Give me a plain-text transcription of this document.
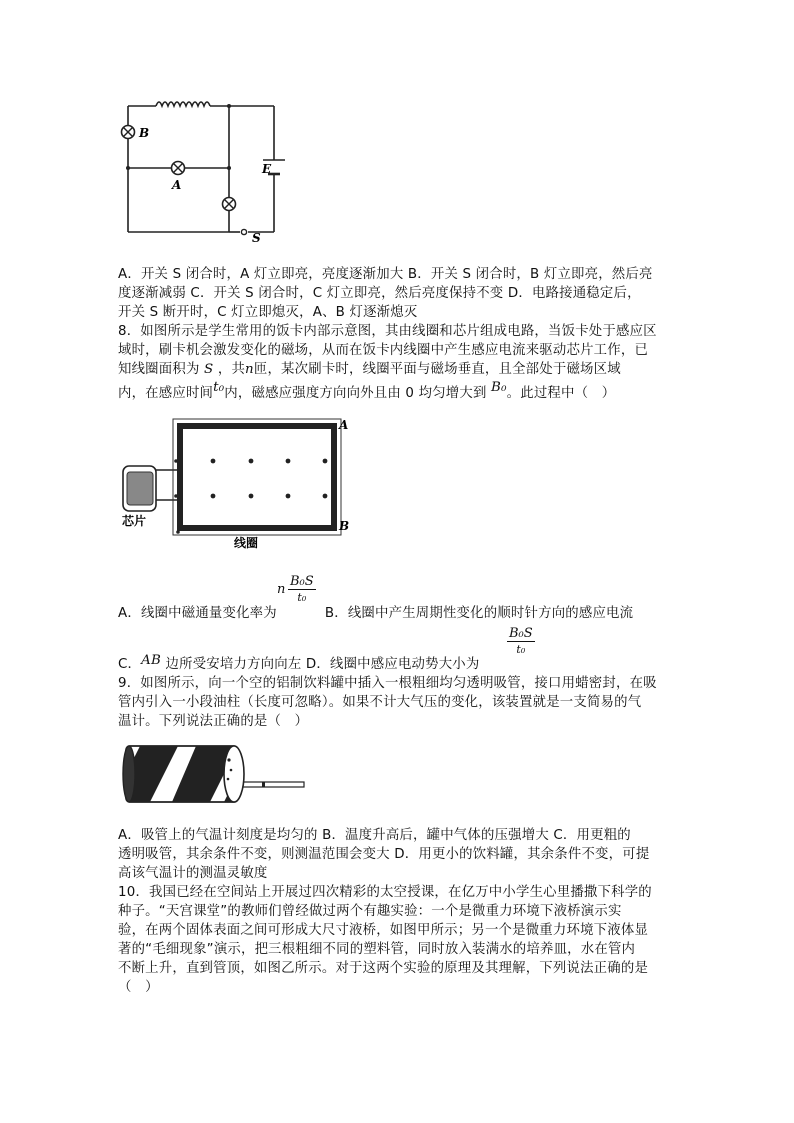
B
A
E
S
A．开关 S 闭合时，A 灯立即亮，亮度逐渐加大 B．开关 S 闭合时，B 灯立即亮，然后亮
度逐渐减弱 C．开关 S 闭合时，C 灯立即亮，然后亮度保持不变 D．电路接通稳定后，
开关 S 断开时，C 灯立即熄灭，A、B 灯逐渐熄灭
8．如图所示是学生常用的饭卡内部示意图，其由线圈和芯片组成电路，当饭卡处于感应区
域时，刷卡机会激发变化的磁场，从而在饭卡内线圈中产生感应电流来驱动芯片工作，已
知线圈面积为 S ，共n匝，某次刷卡时，线圈平面与磁场垂直，且全部处于磁场区域
内，在感应时间t₀内，磁感应强度方向向外且由 0 均匀增大到 B₀。此过程中（　）
A
B
芯片
线圈
n
B₀S
t₀
A．线圈中磁通量变化率为	B．线圈中产生周期性变化的顺时针方向的感应电流
B₀S
t₀
C．AB 边所受安培力方向向左 D．线圈中感应电动势大小为
9．如图所示，向一个空的铝制饮料罐中插入一根粗细均匀透明吸管，接口用蜡密封，在吸
管内引入一小段油柱（长度可忽略）。如果不计大气压的变化，该装置就是一支简易的气
温计。下列说法正确的是（　）
A．吸管上的气温计刻度是均匀的 B．温度升高后，罐中气体的压强增大 C．用更粗的
透明吸管，其余条件不变，则测温范围会变大 D．用更小的饮料罐，其余条件不变，可提
高该气温计的测温灵敏度
10．我国已经在空间站上开展过四次精彩的太空授课，在亿万中小学生心里播撒下科学的
种子。“天宫课堂”的教师们曾经做过两个有趣实验：一个是微重力环境下液桥演示实
验，在两个固体表面之间可形成大尺寸液桥，如图甲所示；另一个是微重力环境下液体显
著的“毛细现象”演示，把三根粗细不同的塑料管，同时放入装满水的培养皿，水在管内
不断上升，直到管顶，如图乙所示。对于这两个实验的原理及其理解，下列说法正确的是
（　）
